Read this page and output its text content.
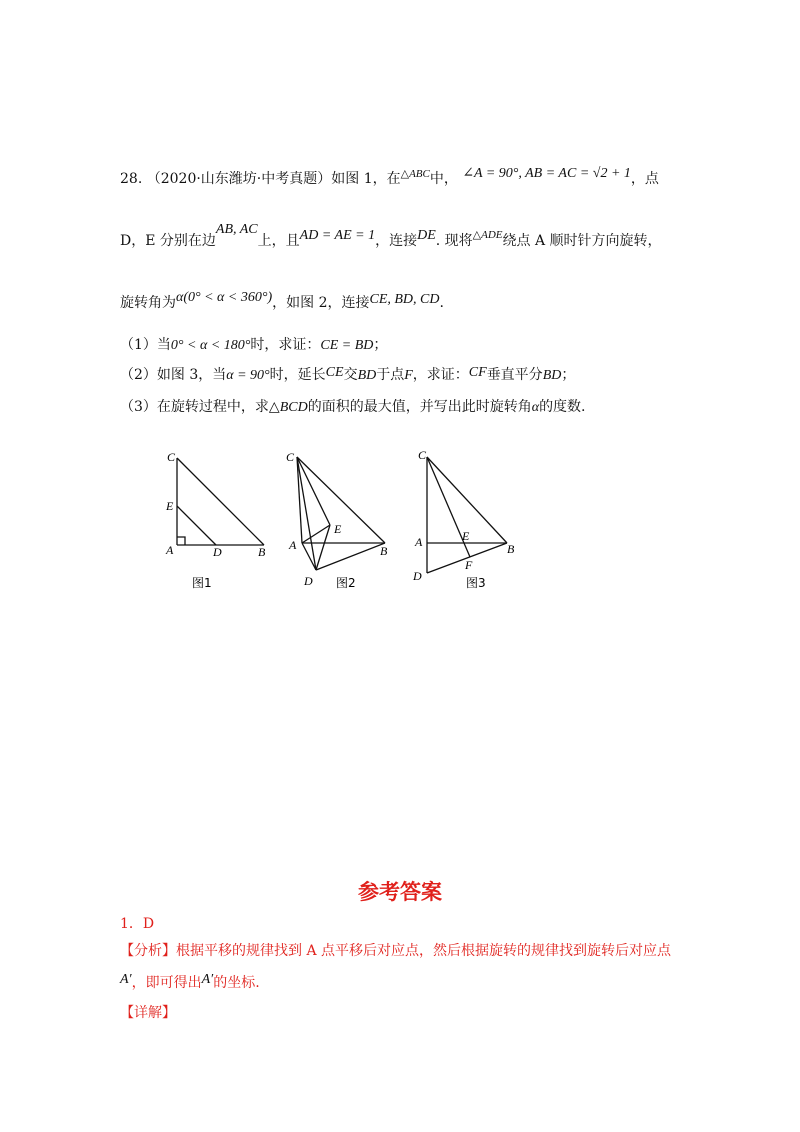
28. （2020·山东潍坊·中考真题）如图 1，在$^{\triangle ABC}$中， ∠A = 90°, AB = AC = √2 + 1，点
D，E 分别在边AB, AC上，且AD = AE = 1，连接DE. 现将$^{\triangle ADE}$绕点 A 顺时针方向旋转，
旋转角为α(0° < α < 360°)，如图 2，连接CE, BD, CD.
（1）当0° < α < 180°时，求证：CE = BD；
（2）如图 3，当α = 90°时，延长CE交BD于点F，求证：CF垂直平分BD；
（3）在旋转过程中，求△BCD的面积的最大值，并写出此时旋转角α的度数.
C
E
A	D	B
图1
C
E
A	B
D 图2
C
A	E
B
F
D	图3
参考答案
1．D
【分析】根据平移的规律找到 A 点平移后对应点，然后根据旋转的规律找到旋转后对应点
A′，即可得出A′的坐标.
【详解】
